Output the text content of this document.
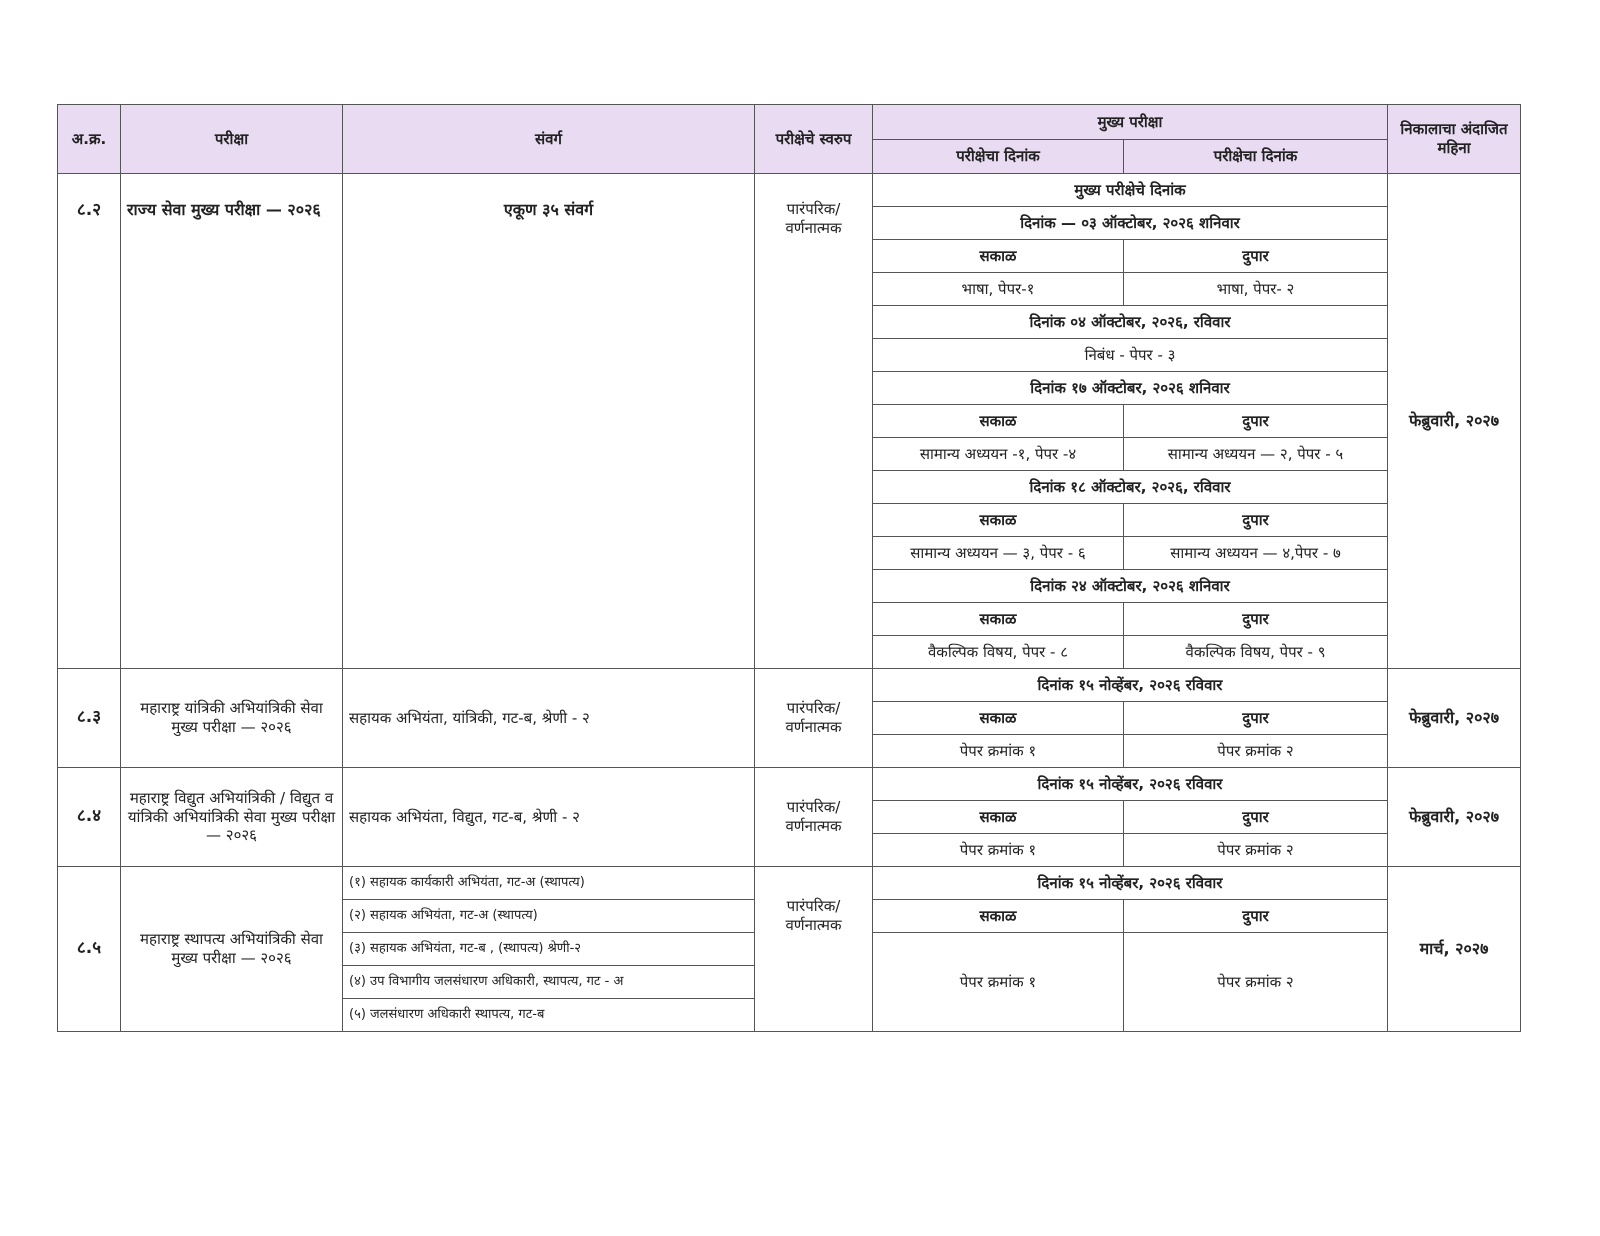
अ.क्र.	परीक्षा	संवर्ग	परीक्षेचे स्वरुप	मुख्य परीक्षा		निकालाचा अंदाजित महिना
				परीक्षेचा दिनांक	परीक्षेचा दिनांक	
८.२	राज्य सेवा मुख्य परीक्षा — २०२६	एकूण ३५ संवर्ग	पारंपरिक/ वर्णनात्मक	मुख्य परीक्षेचे दिनांक		फेब्रुवारी, २०२७
				दिनांक — ०३ ऑक्टोबर, २०२६ शनिवार		
				सकाळ	दुपार	
				भाषा, पेपर-१	भाषा, पेपर- २	
				दिनांक ०४ ऑक्टोबर, २०२६, रविवार		
				निबंध - पेपर - ३		
				दिनांक १७ ऑक्टोबर, २०२६ शनिवार		
				सकाळ	दुपार	
				सामान्य अध्ययन -१, पेपर -४	सामान्य अध्ययन — २, पेपर - ५	
				दिनांक १८ ऑक्टोबर, २०२६, रविवार		
				सकाळ	दुपार	
				सामान्य अध्ययन — ३, पेपर - ६	सामान्य अध्ययन — ४,पेपर - ७	
				दिनांक २४ ऑक्टोबर, २०२६ शनिवार		
				सकाळ	दुपार	
				वैकल्पिक विषय, पेपर - ८	वैकल्पिक विषय, पेपर - ९	
८.३	महाराष्ट्र यांत्रिकी अभियांत्रिकी सेवा मुख्य परीक्षा — २०२६	सहायक अभियंता, यांत्रिकी, गट-ब, श्रेणी - २	पारंपरिक/ वर्णनात्मक	दिनांक १५ नोव्हेंबर, २०२६ रविवार		फेब्रुवारी, २०२७
				सकाळ	दुपार	
				पेपर क्रमांक १	पेपर क्रमांक २	
८.४	महाराष्ट्र विद्युत अभियांत्रिकी / विद्युत व यांत्रिकी अभियांत्रिकी सेवा मुख्य परीक्षा — २०२६	सहायक अभियंता, विद्युत, गट-ब, श्रेणी - २	पारंपरिक/ वर्णनात्मक	दिनांक १५ नोव्हेंबर, २०२६ रविवार		फेब्रुवारी, २०२७
				सकाळ	दुपार	
				पेपर क्रमांक १	पेपर क्रमांक २	
८.५	महाराष्ट्र स्थापत्य अभियांत्रिकी सेवा मुख्य परीक्षा — २०२६	(१) सहायक कार्यकारी अभियंता, गट-अ (स्थापत्य)	पारंपरिक/ वर्णनात्मक	दिनांक १५ नोव्हेंबर, २०२६ रविवार		मार्च, २०२७
		(२) सहायक अभियंता, गट-अ (स्थापत्य)		सकाळ	दुपार	
		(३) सहायक अभियंता, गट-ब , (स्थापत्य) श्रेणी-२		पेपर क्रमांक १	पेपर क्रमांक २	
		(४) उप विभागीय जलसंधारण अधिकारी, स्थापत्य, गट - अ				
		(५) जलसंधारण अधिकारी स्थापत्य, गट-ब				
